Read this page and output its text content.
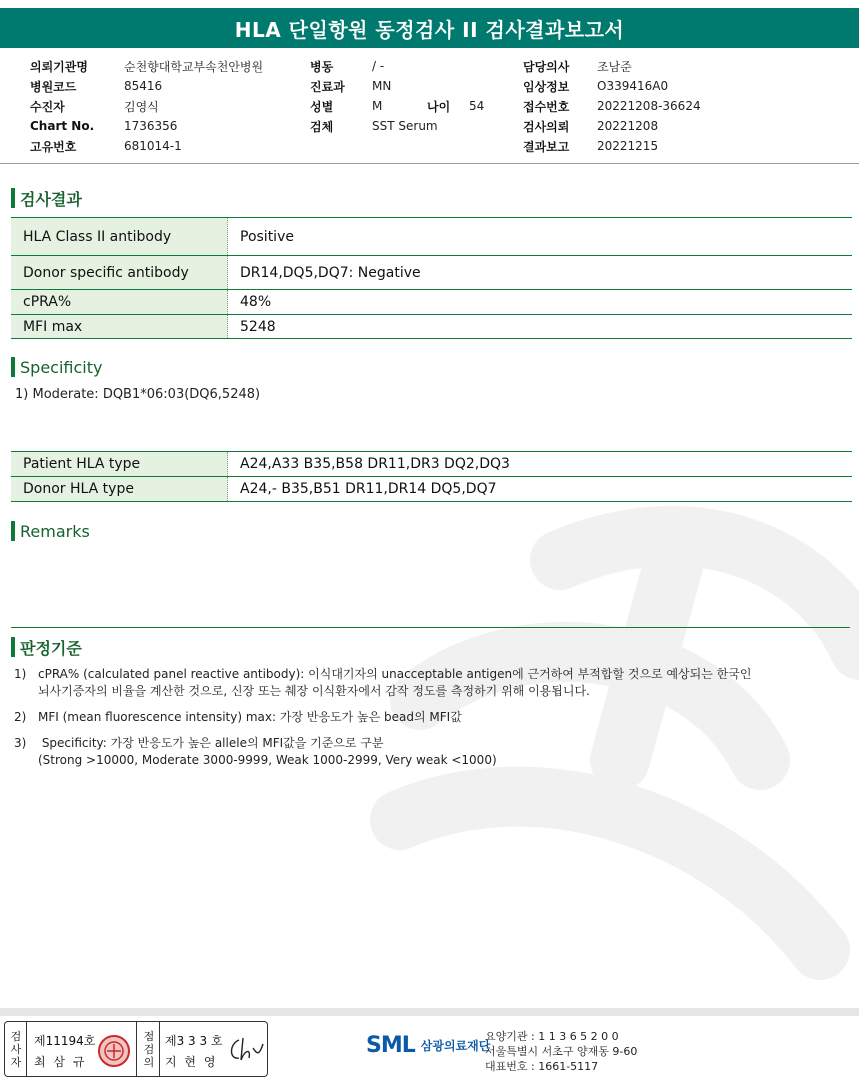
HLA 단일항원 동정검사 II 검사결과보고서
의뢰기관명	순천향대학교부속천안병원
병원코드	85416
수진자	김영식
Chart No.	1736356
고유번호	681014-1
병동	/ -
진료과	MN
성별	M	나이	54
검체	SST Serum
담당의사	조남준
임상정보	O339416A0
접수번호	20221208-36624
검사의뢰	20221208
결과보고	20221215
검사결과
HLA Class II antibody	Positive
Donor specific antibody	DR14,DQ5,DQ7: Negative
cPRA%	48%
MFI max	5248
Specificity
1) Moderate: DQB1*06:03(DQ6,5248)
Patient HLA type	A24,A33 B35,B58 DR11,DR3 DQ2,DQ3
Donor HLA type	A24,- B35,B51 DR11,DR14 DQ5,DQ7
Remarks
판정기준
1) cPRA% (calculated panel reactive antibody): 이식대기자의 unacceptable antigen에 근거하여 부적합할 것으로 예상되는 한국인
뇌사기증자의 비율을 계산한 것으로, 신장 또는 췌장 이식환자에서 감작 정도를 측정하기 위해 이용됩니다.
2) MFI (mean fluorescence intensity) max: 가장 반응도가 높은 bead의 MFI값
3) Specificity: 가장 반응도가 높은 allele의 MFI값을 기준으로 구분
(Strong >10000, Moderate 3000-9999, Weak 1000-2999, Very weak <1000)
검사자
제11194호
최 삼 규
점검의
제3 3 3 호
지 현 영
SML 삼광의료재단
요양기관 : 1 1 3 6 5 2 0 0
서울특별시 서초구 양재동 9-60
대표번호 : 1661-5117
